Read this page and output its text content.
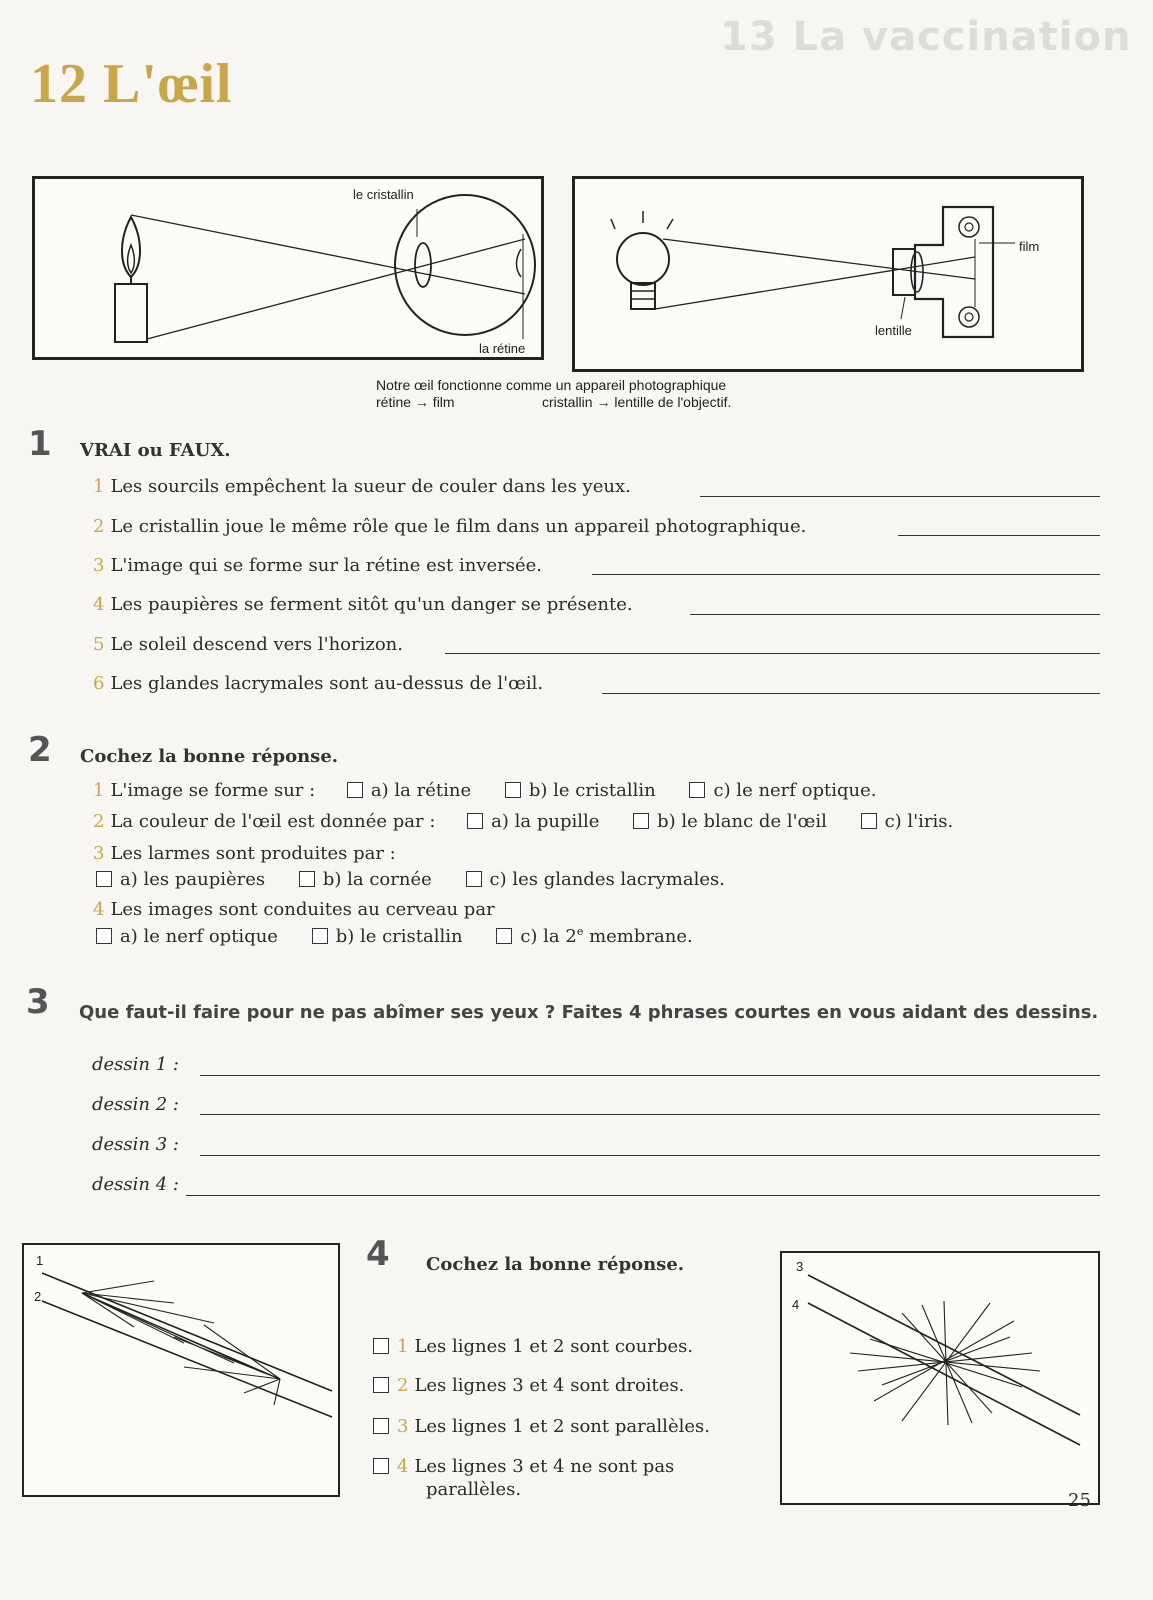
13 La vaccination
12 L'œil
le cristallin
la rétine
film
lentille
Notre œil fonctionne comme un appareil photographique
rétine → film	cristallin → lentille de l'objectif.
1 VRAI ou FAUX.
1 Les sourcils empêchent la sueur de couler dans les yeux.
2 Le cristallin joue le même rôle que le film dans un appareil photographique.
3 L'image qui se forme sur la rétine est inversée.
4 Les paupières se ferment sitôt qu'un danger se présente.
5 Le soleil descend vers l'horizon.
6 Les glandes lacrymales sont au-dessus de l'œil.
2 Cochez la bonne réponse.
1 L'image se forme sur :	a) la rétine	b) le cristallin	c) le nerf optique.
2 La couleur de l'œil est donnée par :	a) la pupille	b) le blanc de l'œil	c) l'iris.
3 Les larmes sont produites par :
a) les paupières	b) la cornée	c) les glandes lacrymales.
4 Les images sont conduites au cerveau par
a) le nerf optique	b) le cristallin	c) la 2e membrane.
3 Que faut-il faire pour ne pas abîmer ses yeux ? Faites 4 phrases courtes en vous aidant des dessins.
dessin 1 :
dessin 2 :
dessin 3 :
dessin 4 :
1
2
4 Cochez la bonne réponse.
1 Les lignes 1 et 2 sont courbes.
2 Les lignes 3 et 4 sont droites.
3 Les lignes 1 et 2 sont parallèles.
4 Les lignes 3 et 4 ne sont pas
parallèles.
3
4
25
